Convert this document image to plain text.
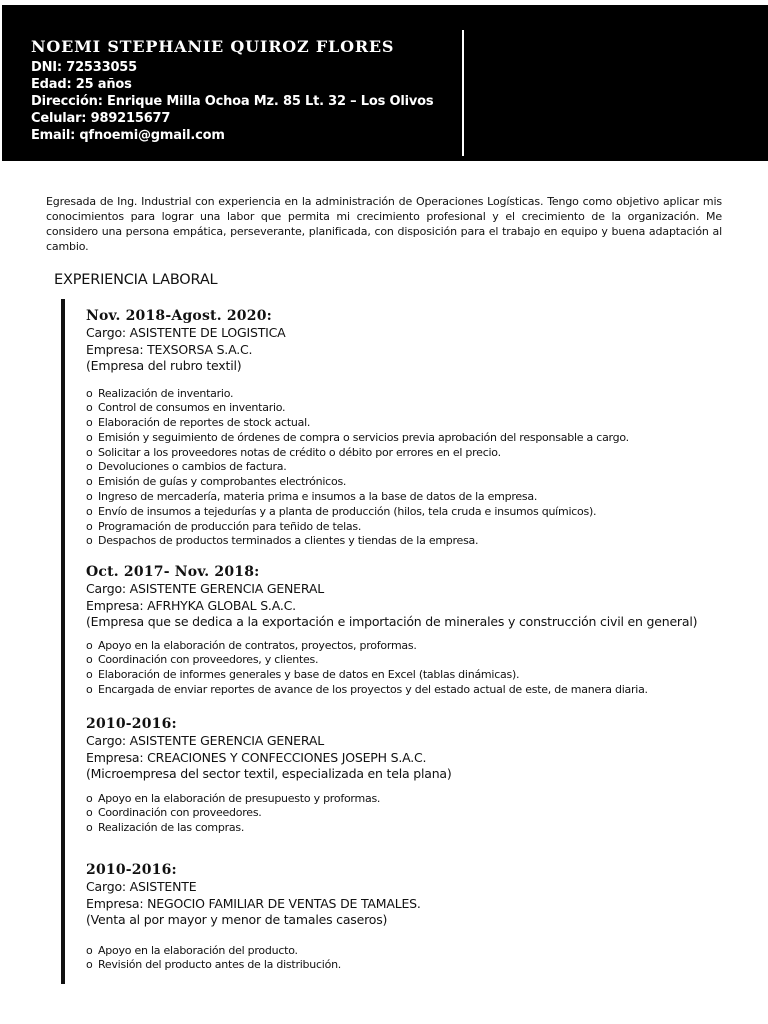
NOEMI STEPHANIE QUIROZ FLORES
DNI: 72533055
Edad: 25 años
Dirección: Enrique Milla Ochoa Mz. 85 Lt. 32 – Los Olivos
Celular: 989215677
Email: qfnoemi@gmail.com
Egresada de Ing. Industrial con experiencia en la administración de Operaciones Logísticas. Tengo como objetivo aplicar mis conocimientos para lograr una labor que permita mi crecimiento profesional y el crecimiento de la organización. Me considero una persona empática, perseverante, planificada, con disposición para el trabajo en equipo y buena adaptación al cambio.
EXPERIENCIA LABORAL
Nov. 2018-Agost. 2020:
Cargo: ASISTENTE DE LOGISTICA
Empresa: TEXSORSA S.A.C.
(Empresa del rubro textil)
o Realización de inventario.
o Control de consumos en inventario.
o Elaboración de reportes de stock actual.
o Emisión y seguimiento de órdenes de compra o servicios previa aprobación del responsable a cargo.
o Solicitar a los proveedores notas de crédito o débito por errores en el precio.
o Devoluciones o cambios de factura.
o Emisión de guías y comprobantes electrónicos.
o Ingreso de mercadería, materia prima e insumos a la base de datos de la empresa.
o Envío de insumos a tejedurías y a planta de producción (hilos, tela cruda e insumos químicos).
o Programación de producción para teñido de telas.
o Despachos de productos terminados a clientes y tiendas de la empresa.
Oct. 2017- Nov. 2018:
Cargo: ASISTENTE GERENCIA GENERAL
Empresa: AFRHYKA GLOBAL S.A.C.
(Empresa que se dedica a la exportación e importación de minerales y construcción civil en general)
o Apoyo en la elaboración de contratos, proyectos, proformas.
o Coordinación con proveedores, y clientes.
o Elaboración de informes generales y base de datos en Excel (tablas dinámicas).
o Encargada de enviar reportes de avance de los proyectos y del estado actual de este, de manera diaria.
2010-2016:
Cargo: ASISTENTE GERENCIA GENERAL
Empresa: CREACIONES Y CONFECCIONES JOSEPH S.A.C.
(Microempresa del sector textil, especializada en tela plana)
o Apoyo en la elaboración de presupuesto y proformas.
o Coordinación con proveedores.
o Realización de las compras.
2010-2016:
Cargo: ASISTENTE
Empresa: NEGOCIO FAMILIAR DE VENTAS DE TAMALES.
(Venta al por mayor y menor de tamales caseros)
o Apoyo en la elaboración del producto.
o Revisión del producto antes de la distribución.
